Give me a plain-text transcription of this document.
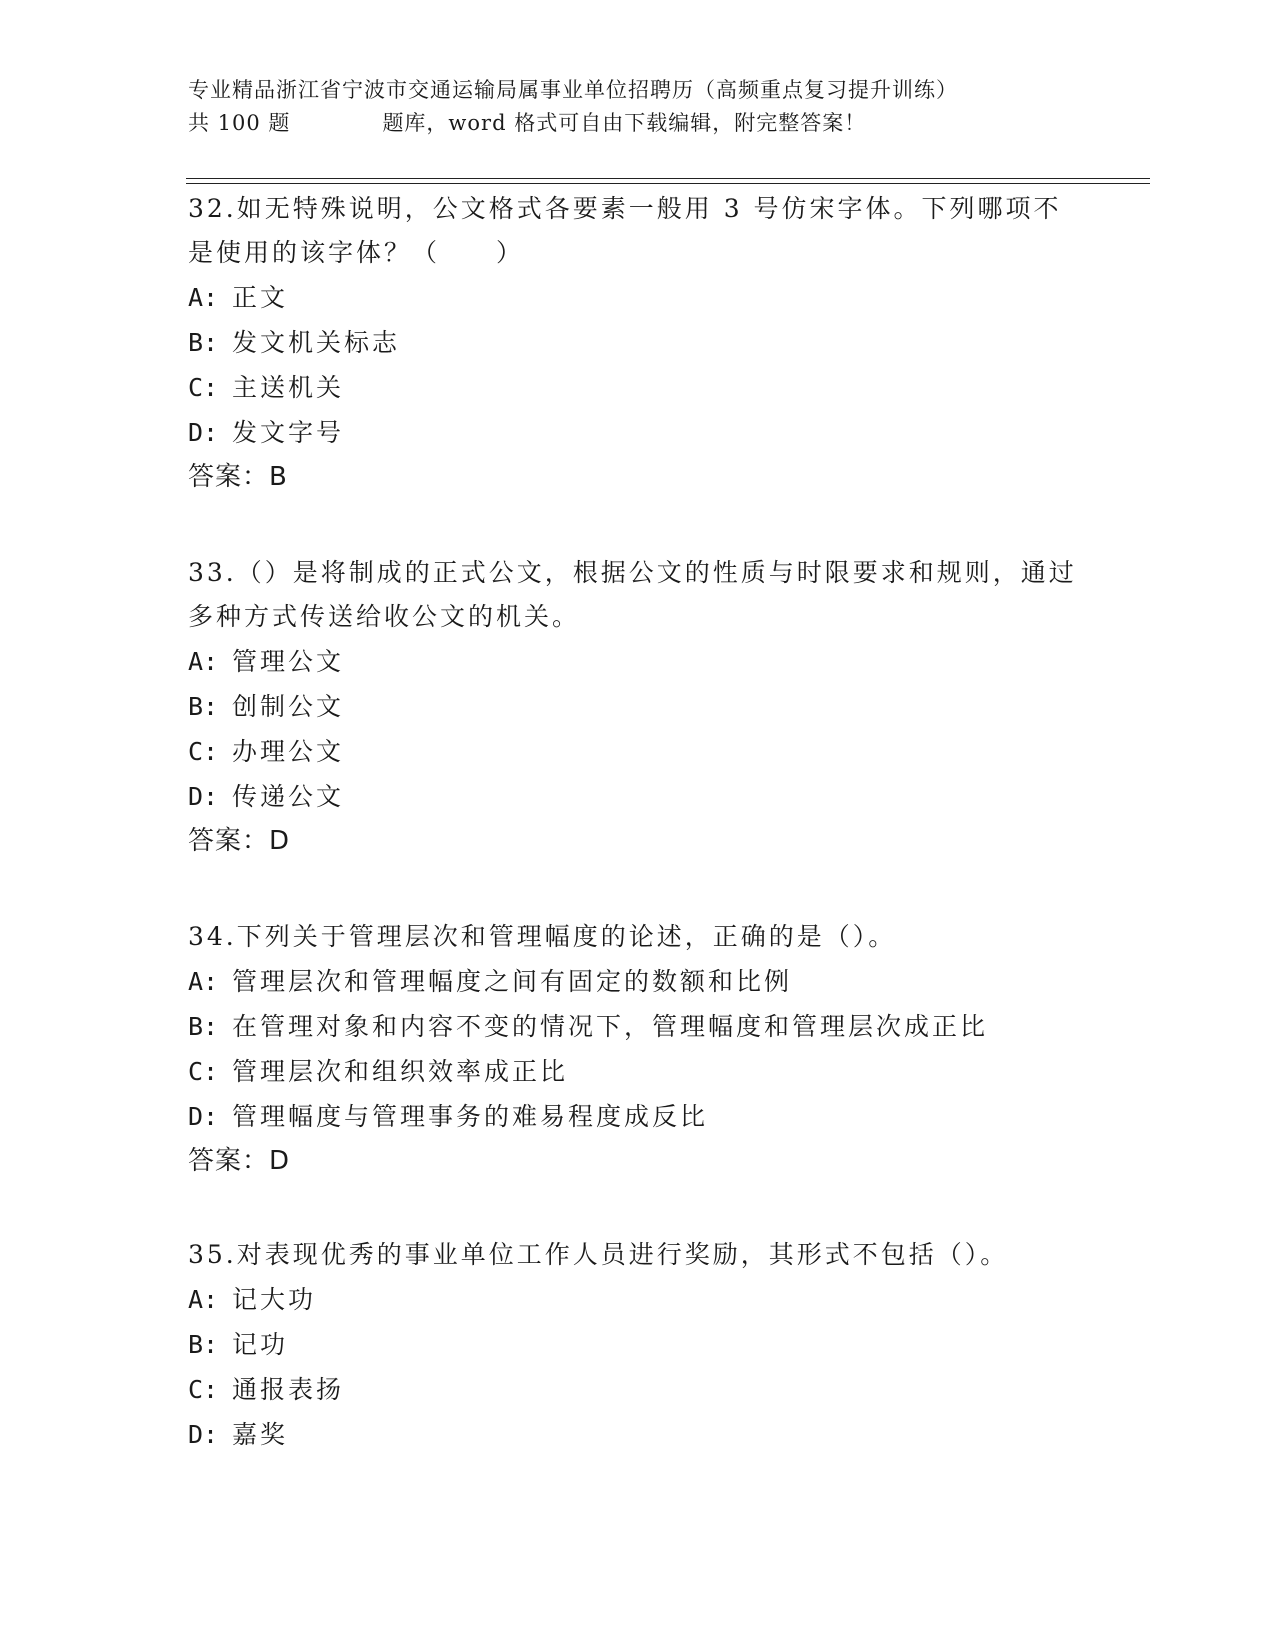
专业精品浙江省宁波市交通运输局属事业单位招聘历（高频重点复习提升训练）
共 100 题	题库，word 格式可自由下载编辑，附完整答案！

32.如无特殊说明，公文格式各要素一般用 3 号仿宋字体。下列哪项不是使用的该字体？（　　）

A: 正文
B: 发文机关标志
C: 主送机关
D: 发文字号
答案：B

33.（）是将制成的正式公文，根据公文的性质与时限要求和规则，通过多种方式传送给收公文的机关。

A: 管理公文
B: 创制公文
C: 办理公文
D: 传递公文
答案：D

34.下列关于管理层次和管理幅度的论述，正确的是（）。

A: 管理层次和管理幅度之间有固定的数额和比例
B: 在管理对象和内容不变的情况下，管理幅度和管理层次成正比
C: 管理层次和组织效率成正比
D: 管理幅度与管理事务的难易程度成反比
答案：D

35.对表现优秀的事业单位工作人员进行奖励，其形式不包括（）。

A: 记大功
B: 记功
C: 通报表扬
D: 嘉奖
